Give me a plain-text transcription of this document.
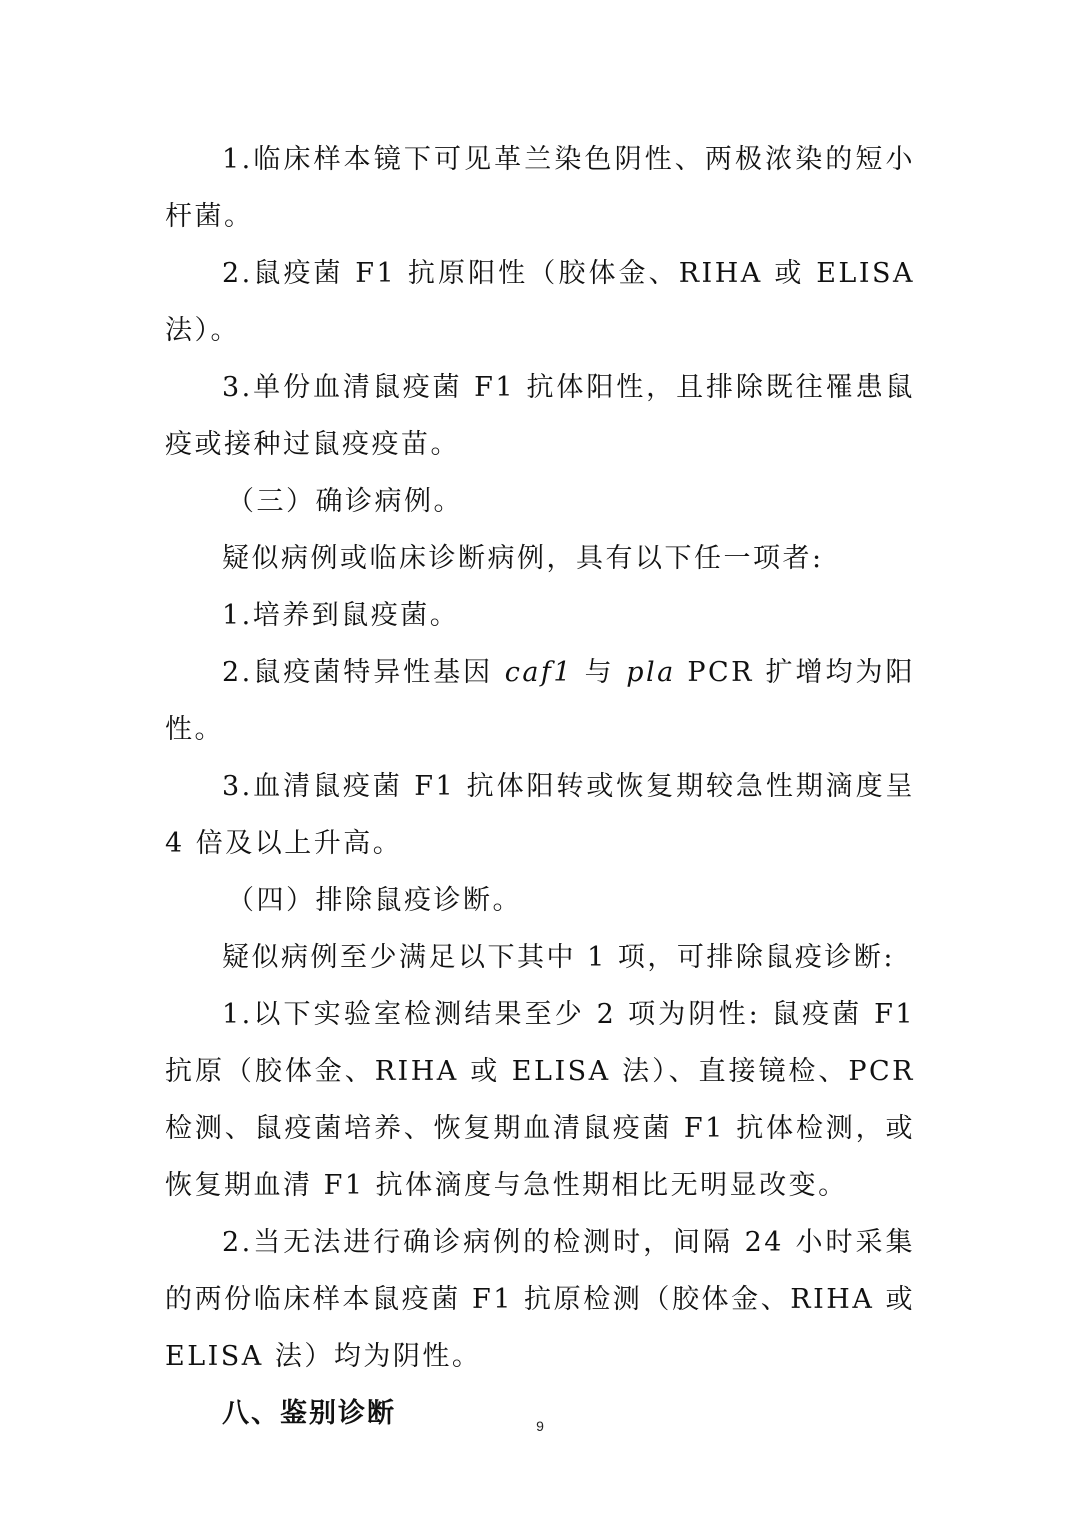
1.临床样本镜下可见革兰染色阴性、两极浓染的短小杆菌。

2.鼠疫菌 F1 抗原阳性（胶体金、RIHA 或 ELISA 法）。

3.单份血清鼠疫菌 F1 抗体阳性，且排除既往罹患鼠疫或接种过鼠疫疫苗。

（三）确诊病例。

疑似病例或临床诊断病例，具有以下任一项者:

1.培养到鼠疫菌。

2.鼠疫菌特异性基因 caf1 与 pla PCR 扩增均为阳性。

3.血清鼠疫菌 F1 抗体阳转或恢复期较急性期滴度呈 4 倍及以上升高。

（四）排除鼠疫诊断。

疑似病例至少满足以下其中 1 项，可排除鼠疫诊断:

1.以下实验室检测结果至少 2 项为阴性: 鼠疫菌 F1 抗原（胶体金、RIHA 或 ELISA 法）、直接镜检、PCR 检测、鼠疫菌培养、恢复期血清鼠疫菌 F1 抗体检测，或恢复期血清 F1 抗体滴度与急性期相比无明显改变。

2.当无法进行确诊病例的检测时，间隔 24 小时采集的两份临床样本鼠疫菌 F1 抗原检测（胶体金、RIHA 或 ELISA 法）均为阴性。

八、鉴别诊断	9
